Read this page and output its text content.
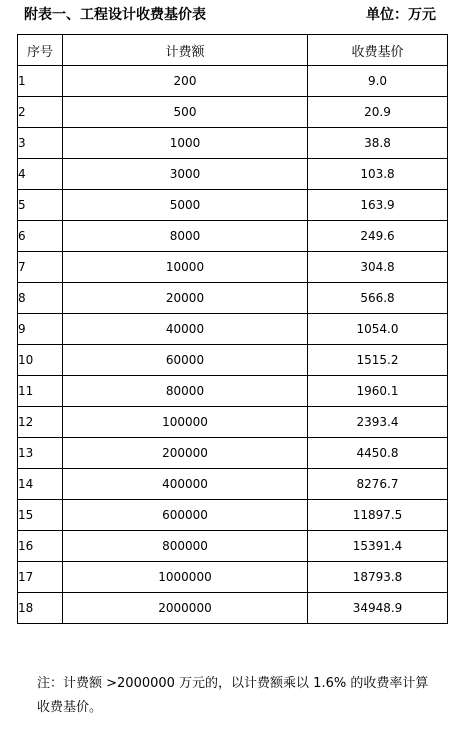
附表一、工程设计收费基价表	单位：万元
序号	计费额	收费基价
1	200	9.0
2	500	20.9
3	1000	38.8
4	3000	103.8
5	5000	163.9
6	8000	249.6
7	10000	304.8
8	20000	566.8
9	40000	1054.0
10	60000	1515.2
11	80000	1960.1
12	100000	2393.4
13	200000	4450.8
14	400000	8276.7
15	600000	11897.5
16	800000	15391.4
17	1000000	18793.8
18	2000000	34948.9
注：计费额 >2000000 万元的，以计费额乘以 1.6% 的收费率计算收费基价。
